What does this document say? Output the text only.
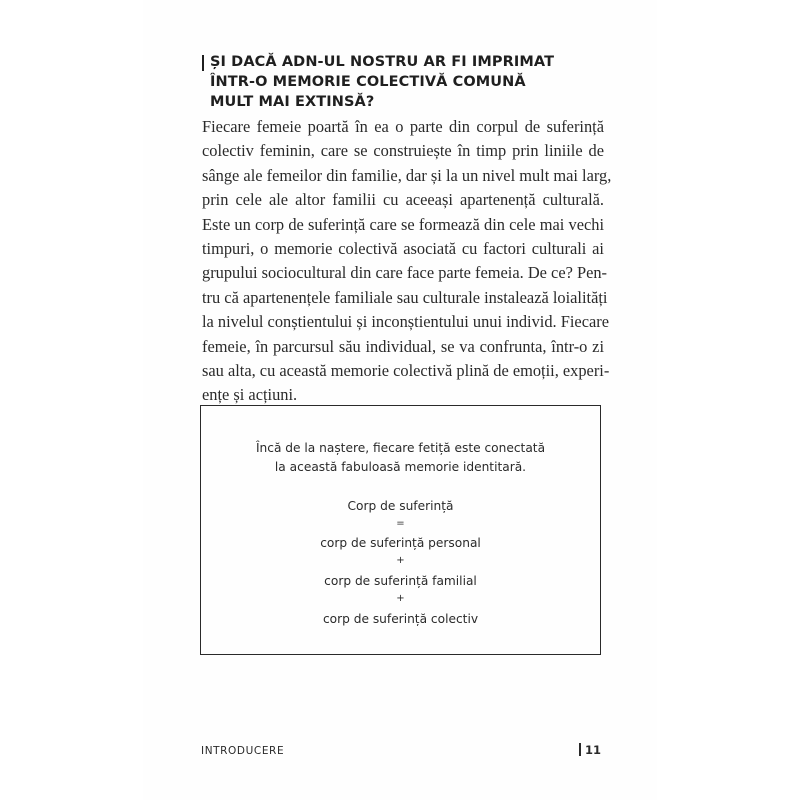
ȘI DACĂ ADN-UL NOSTRU AR FI IMPRIMAT
ÎNTR-O MEMORIE COLECTIVĂ COMUNĂ
MULT MAI EXTINSĂ?

Fiecare femeie poartă în ea o parte din corpul de suferință
colectiv feminin, care se construiește în timp prin liniile de
sânge ale femeilor din familie, dar și la un nivel mult mai larg,
prin cele ale altor familii cu aceeași apartenență culturală.
Este un corp de suferință care se formează din cele mai vechi
timpuri, o memorie colectivă asociată cu factori culturali ai
grupului sociocultural din care face parte femeia. De ce? Pen-
tru că apartenențele familiale sau culturale instalează loialități
la nivelul conștientului și inconștientului unui individ. Fiecare
femeie, în parcursul său individual, se va confrunta, într-o zi
sau alta, cu această memorie colectivă plină de emoții, experi-
ențe și acțiuni.

Încă de la naștere, fiecare fetiță este conectată
la această fabuloasă memorie identitară.
Corp de suferință
=
corp de suferință personal
+
corp de suferință familial
+
corp de suferință colectiv
INTRODUCERE	11
